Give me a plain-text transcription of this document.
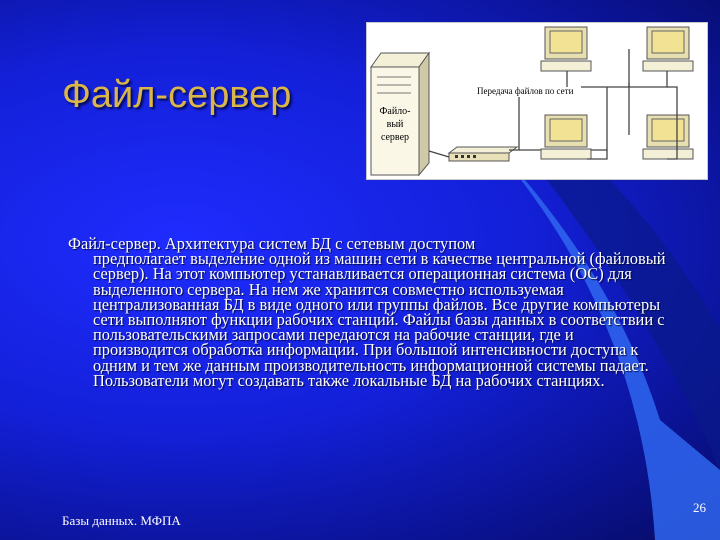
Файл-сервер	Файло-
вый
сервер
Передача файлов по сети
Файл-сервер. Архитектура систем БД с сетевым доступом
предполагает выделение одной из машин сети в качестве центральной (файловый сервер). На этот компьютер устанавливается операционная система (ОС) для выделенного сервера. На нем же хранится совместно используемая централизованная БД в виде одного или группы файлов. Все другие компьютеры сети выполняют функции рабочих станций. Файлы базы данных в соответствии с пользовательскими запросами передаются на рабочие станции, где и производится обработка информации. При большой интенсивности доступа к одним и тем же данным производительность информационной системы падает. Пользователи могут создавать также локальные БД на рабочих станциях.
Базы данных. МФПА
26
